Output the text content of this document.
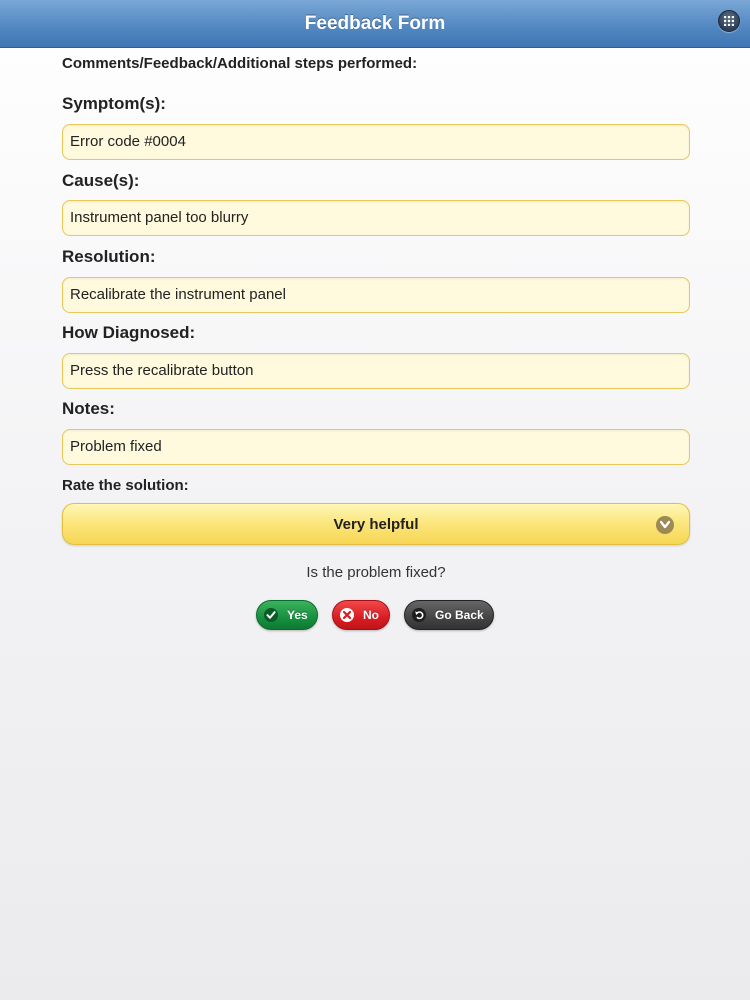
Feedback Form
Comments/Feedback/Additional steps performed:
Symptom(s):
Error code #0004
Cause(s):
Instrument panel too blurry
Resolution:
Recalibrate the instrument panel
How Diagnosed:
Press the recalibrate button
Notes:
Problem fixed
Rate the solution:
Very helpful
Is the problem fixed?
Yes	No	Go Back
